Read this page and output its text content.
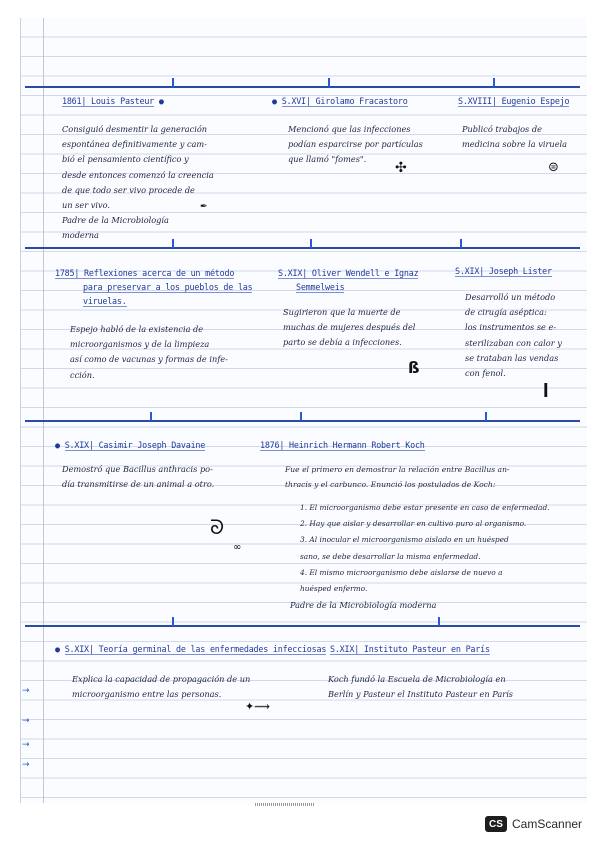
1861| Louis Pasteur ●	● S.XVI| Girolamo Fracastoro	S.XVIII| Eugenio Espejo
Consiguió desmentir la generación
espontánea definitivamente y cam-
bió el pensamiento científico y
desde entonces comenzó la creencia
de que todo ser vivo procede de
un ser vivo.
Padre de la Microbiología
moderna
Mencionó que las infecciones
podían esparcirse por partículas
que llamó "fomes".
Publicó trabajos de
medicina sobre la viruela
1785| Reflexiones acerca de un método
para preservar a los pueblos de las
viruelas.
S.XIX| Oliver Wendell e Ignaz
Semmelweis
S.XIX| Joseph Lister
Espejo habló de la existencia de
microorganismos y de la limpieza
así como de vacunas y formas de infe-
cción.
Sugirieron que la muerte de
muchas de mujeres después del
parto se debía a infecciones.
Desarrolló un método
de cirugía aséptica:
los instrumentos se e-
sterilizaban con calor y
se trataban las vendas
con fenol.
● S.XIX| Casimir Joseph Davaine	1876| Heinrich Hermann Robert Koch
Demostró que Bacillus anthracis po-
día transmitirse de un animal a otro.
Fue el primero en demostrar la relación entre Bacillus an-
thracis y el carbunco. Enunció los postulados de Koch:
1. El microorganismo debe estar presente en caso de enfermedad.
2. Hay que aislar y desarrollar en cultivo puro al organismo.
3. Al inocular el microorganismo aislado en un huésped
sano, se debe desarrollar la misma enfermedad.
4. El mismo microorganismo debe aislarse de nuevo a
huésped enfermo.
Padre de la Microbiología moderna
● S.XIX| Teoría germinal de las enfermedades infecciosas S.XIX| Instituto Pasteur en París
Explica la capacidad de propagación de un
microorganismo entre las personas.
Koch fundó la Escuela de Microbiología en
Berlín y Pasteur el Instituto Pasteur en París
✣	⊜
✒
ß
ǀ
ᘐ
∞
✦⟿
→
→
→
→
CS CamScanner
